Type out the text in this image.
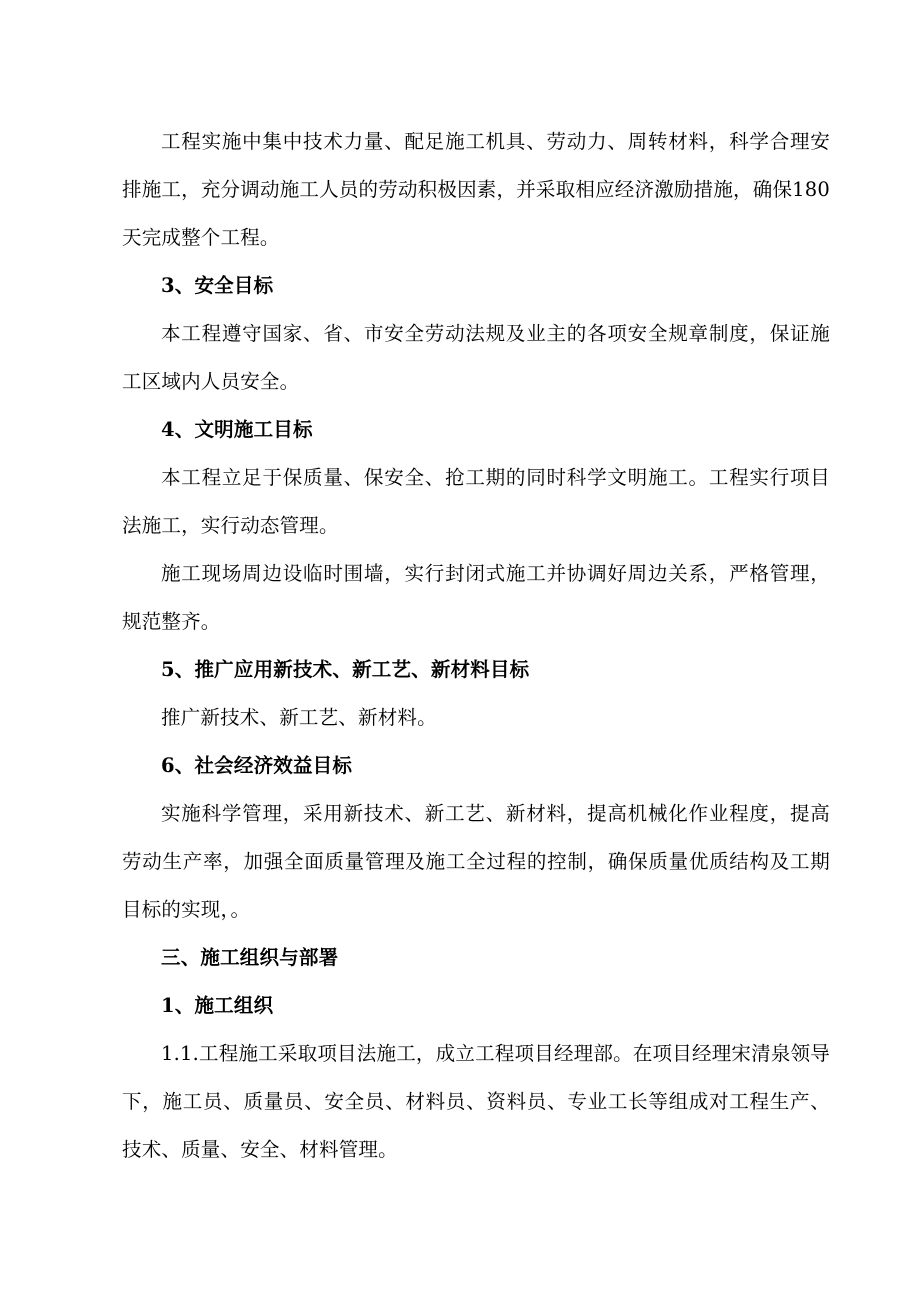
工程实施中集中技术力量、配足施工机具、劳动力、周转材料，科学合理安排施工，充分调动施工人员的劳动积极因素，并采取相应经济激励措施，确保180天完成整个工程。

3、安全目标

本工程遵守国家、省、市安全劳动法规及业主的各项安全规章制度，保证施工区域内人员安全。

4、文明施工目标

本工程立足于保质量、保安全、抢工期的同时科学文明施工。工程实行项目法施工，实行动态管理。

施工现场周边设临时围墙，实行封闭式施工并协调好周边关系，严格管理，规范整齐。

5、推广应用新技术、新工艺、新材料目标

推广新技术、新工艺、新材料。

6、社会经济效益目标

实施科学管理，采用新技术、新工艺、新材料，提高机械化作业程度，提高劳动生产率，加强全面质量管理及施工全过程的控制，确保质量优质结构及工期目标的实现，。

三、施工组织与部署

1、施工组织

1.1.工程施工采取项目法施工，成立工程项目经理部。在项目经理宋清泉领导下，施工员、质量员、安全员、材料员、资料员、专业工长等组成对工程生产、技术、质量、安全、材料管理。
